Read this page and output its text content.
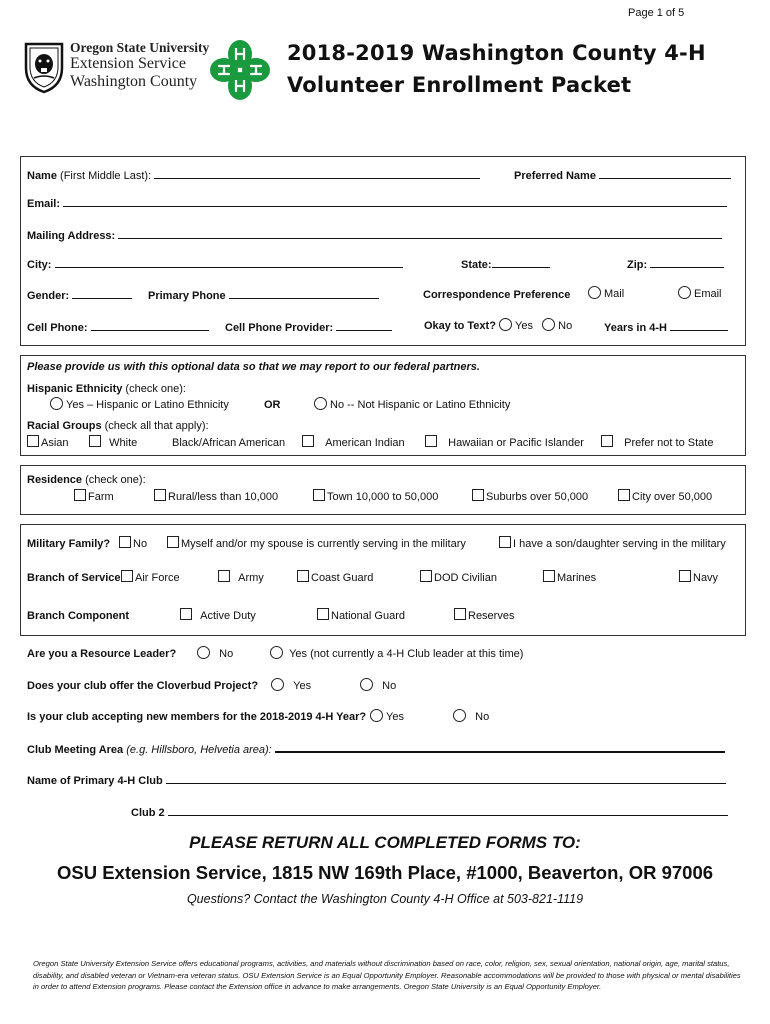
Page 1 of 5
Oregon State University
Extension Service
Washington County
2018-2019 Washington County 4-H
Volunteer Enrollment Packet
Name (First Middle Last):	Preferred Name
Email:
Mailing Address:
City:	State:	Zip:
Gender:	Primary Phone	Correspondence Preference	Mail	Email
Cell Phone:	Cell Phone Provider:	Okay to Text? Yes No	Years in 4-H
Please provide us with this optional data so that we may report to our federal partners.
Hispanic Ethnicity (check one):
Yes – Hispanic or Latino Ethnicity	OR	No -- Not Hispanic or Latino Ethnicity
Racial Groups (check all that apply):
Asian	White	Black/African American	American Indian	Hawaiian or Pacific Islander	Prefer not to State
Residence (check one):
Farm	Rural/less than 10,000	Town 10,000 to 50,000	Suburbs over 50,000	City over 50,000
Military Family?	No	Myself and/or my spouse is currently serving in the military	I have a son/daughter serving in the military
Branch of Service	Air Force	Army	Coast Guard	DOD Civilian	Marines	Navy
Branch Component	Active Duty	National Guard	Reserves
Are you a Resource Leader?	No	Yes (not currently a 4-H Club leader at this time)
Does your club offer the Cloverbud Project?	Yes	No
Is your club accepting new members for the 2018-2019 4-H Year?	Yes	No
Club Meeting Area (e.g. Hillsboro, Helvetia area):
Name of Primary 4-H Club
Club 2
PLEASE RETURN ALL COMPLETED FORMS TO:
OSU Extension Service, 1815 NW 169th Place, #1000, Beaverton, OR 97006
Questions? Contact the Washington County 4-H Office at 503-821-1119
Oregon State University Extension Service offers educational programs, activities, and materials without discrimination based on race, color, religion, sex, sexual orientation, national origin, age, marital status, disability, and disabled veteran or Vietnam-era veteran status. OSU Extension Service is an Equal Opportunity Employer. Reasonable accommodations will be provided to those with physical or mental disabilities in order to attend Extension programs. Please contact the Extension office in advance to make arrangements. Oregon State University is an Equal Opportunity Employer.
